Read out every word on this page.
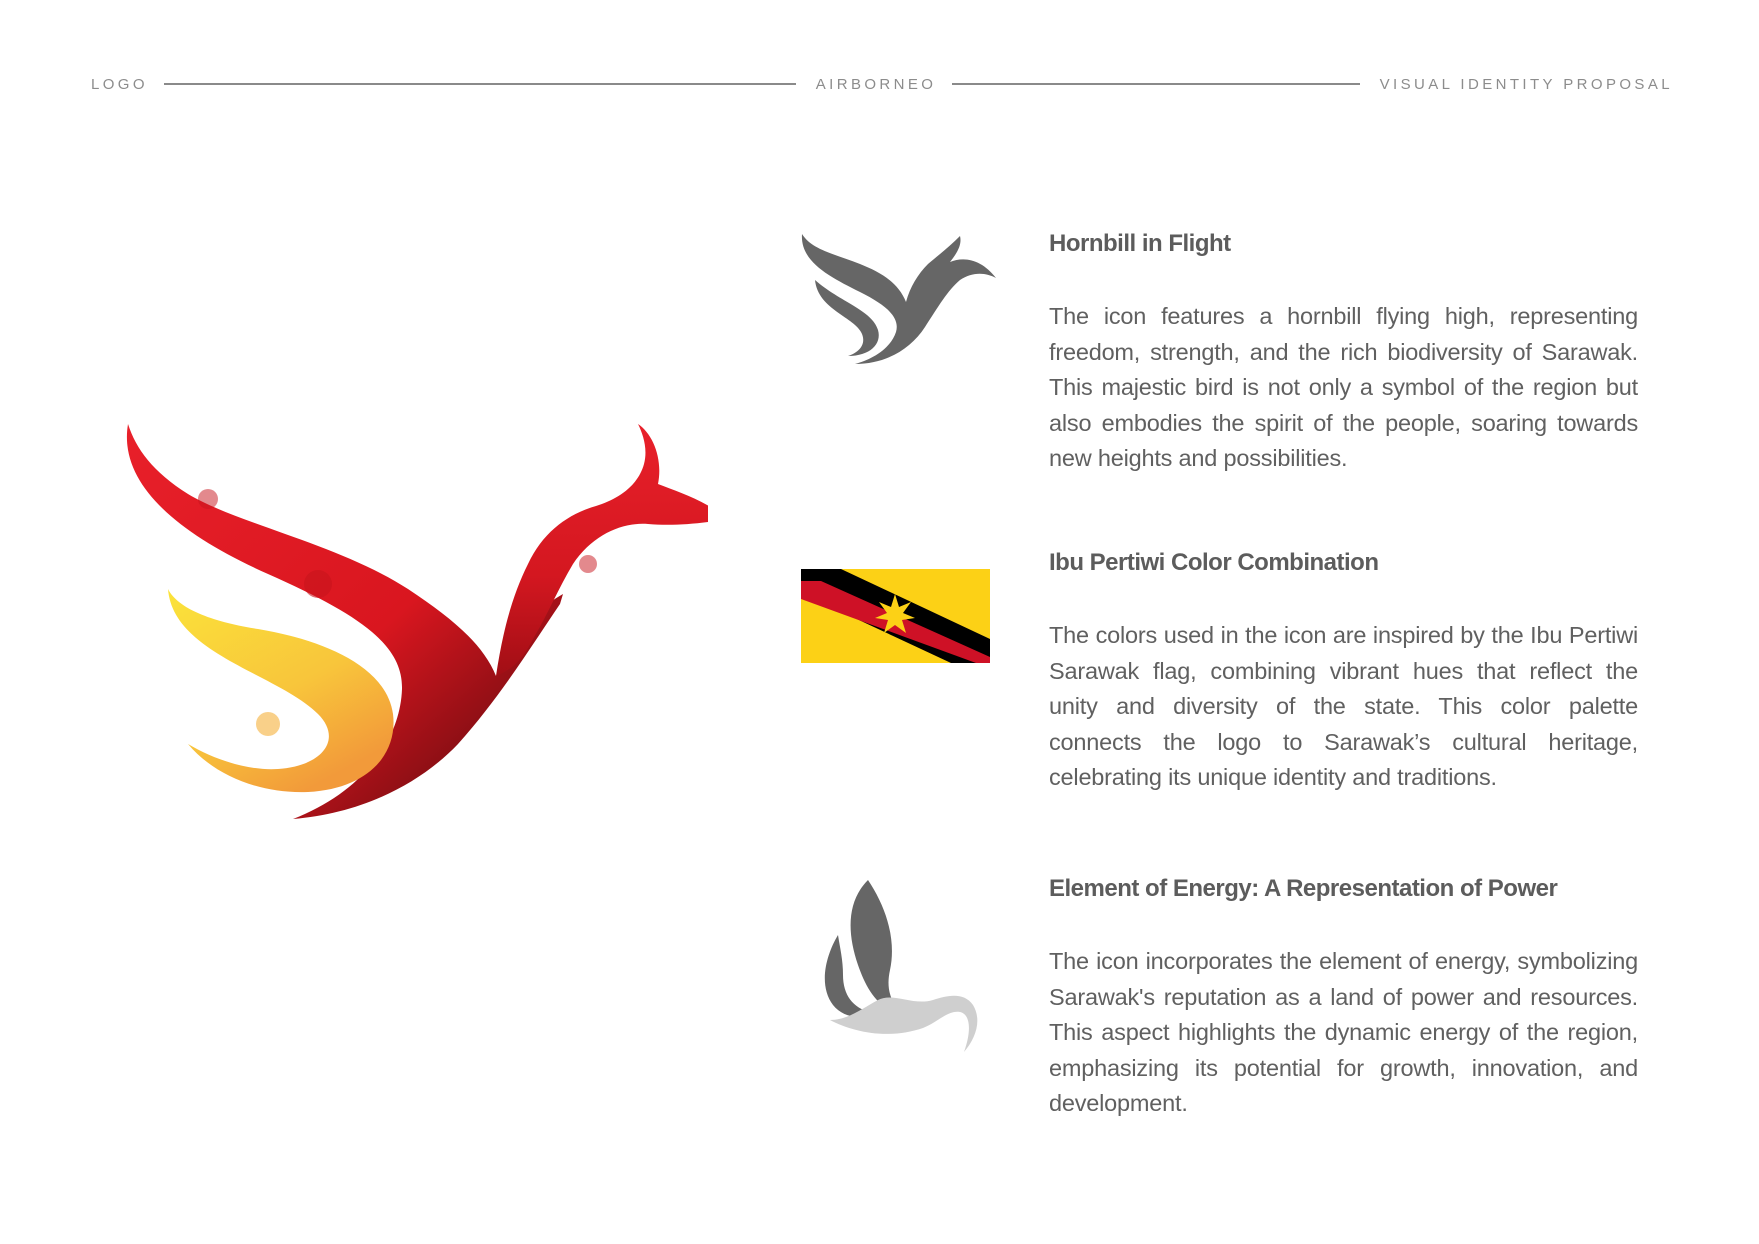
LOGO	AIRBORNEO	VISUAL IDENTITY PROPOSAL
Hornbill in Flight

The icon features a hornbill flying high, representing freedom, strength, and the rich biodiversity of Sarawak. This majestic bird is not only a symbol of the region but also embodies the spirit of the people, soaring towards new heights and possibilities.

Ibu Pertiwi Color Combination

The colors used in the icon are inspired by the Ibu Pertiwi Sarawak flag, combining vibrant hues that reflect the unity and diversity of the state. This color palette connects the logo to Sarawak’s cultural heritage, celebrating its unique identity and traditions.

Element of Energy: A Representation of Power

The icon incorporates the element of energy, symbolizing Sarawak's reputation as a land of power and resources. This aspect highlights the dynamic energy of the region, emphasizing its potential for growth, innovation, and development.
